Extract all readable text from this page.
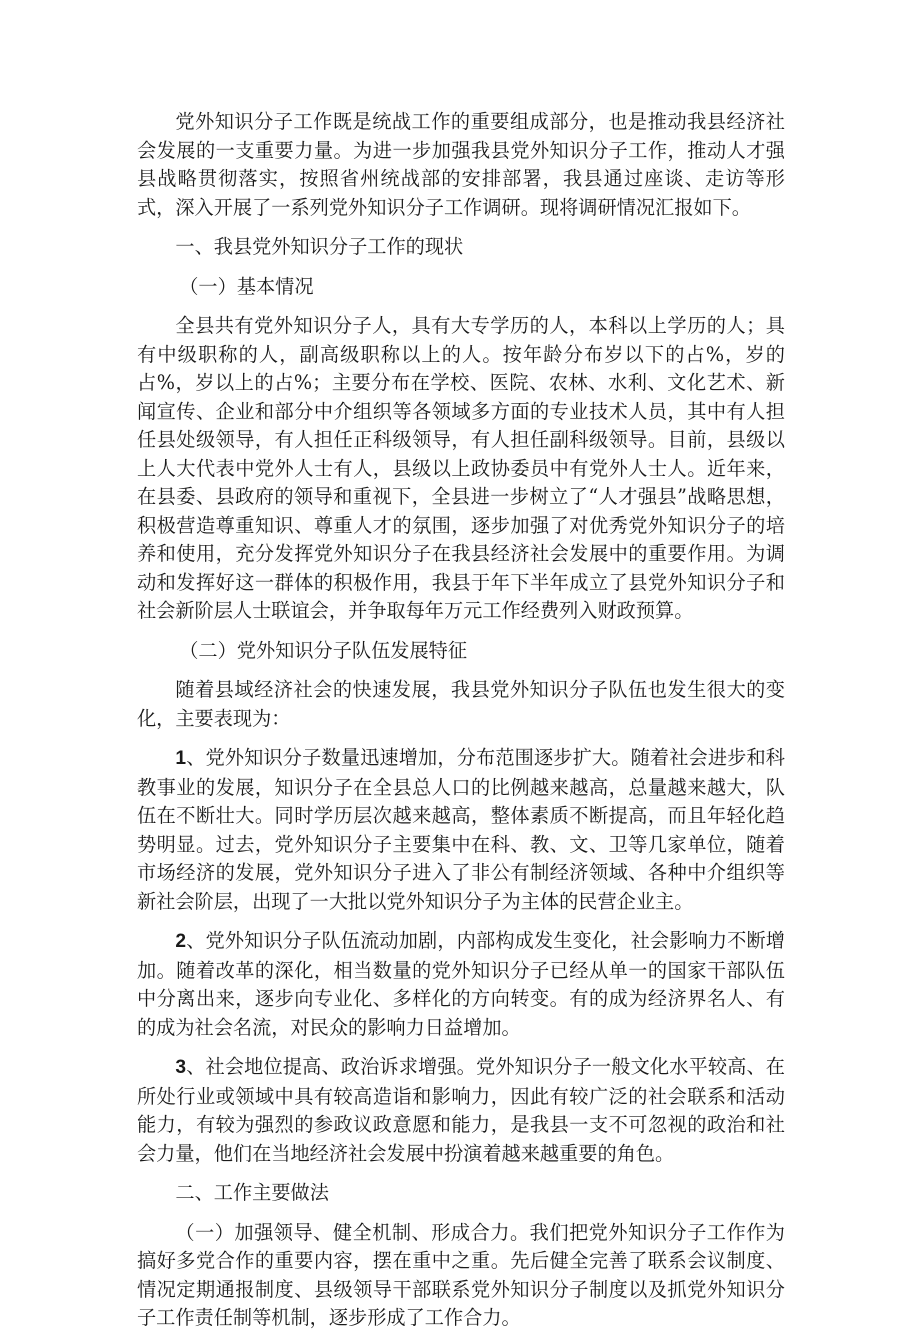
党外知识分子工作既是统战工作的重要组成部分，也是推动我县经济社会发展的一支重要力量。为进一步加强我县党外知识分子工作，推动人才强县战略贯彻落实，按照省州统战部的安排部署，我县通过座谈、走访等形式，深入开展了一系列党外知识分子工作调研。现将调研情况汇报如下。

一、我县党外知识分子工作的现状

（一）基本情况

全县共有党外知识分子人，具有大专学历的人，本科以上学历的人；具有中级职称的人，副高级职称以上的人。按年龄分布岁以下的占%，岁的占%，岁以上的占%；主要分布在学校、医院、农林、水利、文化艺术、新闻宣传、企业和部分中介组织等各领域多方面的专业技术人员，其中有人担任县处级领导，有人担任正科级领导，有人担任副科级领导。目前，县级以上人大代表中党外人士有人，县级以上政协委员中有党外人士人。近年来，在县委、县政府的领导和重视下，全县进一步树立了“人才强县”战略思想，积极营造尊重知识、尊重人才的氛围，逐步加强了对优秀党外知识分子的培养和使用，充分发挥党外知识分子在我县经济社会发展中的重要作用。为调动和发挥好这一群体的积极作用，我县于年下半年成立了县党外知识分子和社会新阶层人士联谊会，并争取每年万元工作经费列入财政预算。

（二）党外知识分子队伍发展特征

随着县域经济社会的快速发展，我县党外知识分子队伍也发生很大的变化，主要表现为：

1、党外知识分子数量迅速增加，分布范围逐步扩大。随着社会进步和科教事业的发展，知识分子在全县总人口的比例越来越高，总量越来越大，队伍在不断壮大。同时学历层次越来越高，整体素质不断提高，而且年轻化趋势明显。过去，党外知识分子主要集中在科、教、文、卫等几家单位，随着市场经济的发展，党外知识分子进入了非公有制经济领域、各种中介组织等新社会阶层，出现了一大批以党外知识分子为主体的民营企业主。

2、党外知识分子队伍流动加剧，内部构成发生变化，社会影响力不断增加。随着改革的深化，相当数量的党外知识分子已经从单一的国家干部队伍中分离出来，逐步向专业化、多样化的方向转变。有的成为经济界名人、有的成为社会名流，对民众的影响力日益增加。

3、社会地位提高、政治诉求增强。党外知识分子一般文化水平较高、在所处行业或领域中具有较高造诣和影响力，因此有较广泛的社会联系和活动能力，有较为强烈的参政议政意愿和能力，是我县一支不可忽视的政治和社会力量，他们在当地经济社会发展中扮演着越来越重要的角色。

二、工作主要做法

（一）加强领导、健全机制、形成合力。我们把党外知识分子工作作为搞好多党合作的重要内容，摆在重中之重。先后健全完善了联系会议制度、情况定期通报制度、县级领导干部联系党外知识分子制度以及抓党外知识分子工作责任制等机制，逐步形成了工作合力。
